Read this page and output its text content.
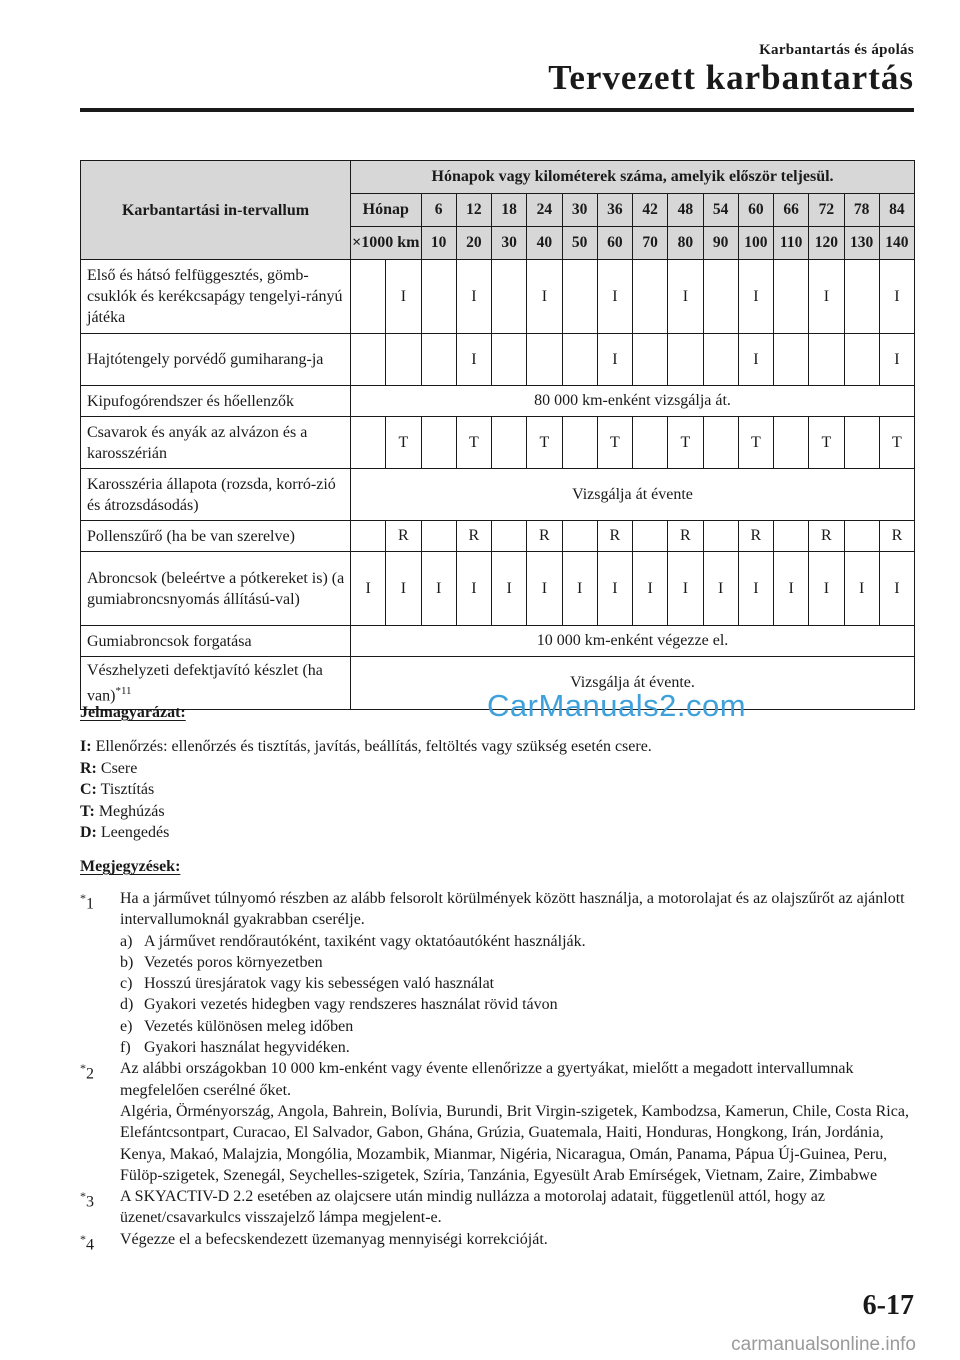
Karbantartás és ápolás
Tervezett karbantartás
Karbantartási in-tervallum	Hónapok vagy kilométerek száma, amelyik először teljesül.															
	Hónap		6	12	18	24	30	36	42	48	54	60	66	72	78	84
	×1000 km		10	20	30	40	50	60	70	80	90	100	110	120	130	140
Első és hátsó felfüggesztés, gömb-csuklók és kerékcsapágy tengelyi-rányú játéka		I		I		I		I		I		I		I		I
Hajtótengely porvédő gumiharang-ja				I				I				I				I
Kipufogórendszer és hőellenzők	80 000 km-enként vizsgálja át.															
Csavarok és anyák az alvázon és a karosszérián		T		T		T		T		T		T		T		T
Karosszéria állapota (rozsda, korró-zió és átrozsdásodás)	Vizsgálja át évente															
Pollenszűrő (ha be van szerelve)		R		R		R		R		R		R		R		R
Abroncsok (beleértve a pótkereket is) (a gumiabroncsnyomás állítású-val)	I	I	I	I	I	I	I	I	I	I	I	I	I	I	I	I
Gumiabroncsok forgatása	10 000 km-enként végezze el.															
Vészhelyzeti defektjavító készlet (ha van)$^{*11}$	Vizsgálja át évente.															
CarManuals2.com
Jelmagyarázat:
I: Ellenőrzés: ellenőrzés és tisztítás, javítás, beállítás, feltöltés vagy szükség esetén csere.
R: Csere
C: Tisztítás
T: Meghúzás
D: Leengedés
Megjegyzések:
*1	Ha a járművet túlnyomó részben az alább felsorolt körülmények között használja, a motorolajat és az olajszűrőt az ajánlott intervallumoknál gyakrabban cserélje.
a) A járművet rendőrautóként, taxiként vagy oktatóautóként használják.
b) Vezetés poros környezetben
c) Hosszú üresjáratok vagy kis sebességen való használat
d) Gyakori vezetés hidegben vagy rendszeres használat rövid távon
e) Vezetés különösen meleg időben
f) Gyakori használat hegyvidéken.
*2	Az alábbi országokban 10 000 km-enként vagy évente ellenőrizze a gyertyákat, mielőtt a megadott intervallumnak megfelelően cserélné őket.
Algéria, Örményország, Angola, Bahrein, Bolívia, Burundi, Brit Virgin-szigetek, Kambodzsa, Kamerun, Chile, Costa Rica, Elefántcsontpart, Curacao, El Salvador, Gabon, Ghána, Grúzia, Guatemala, Haiti, Honduras, Hongkong, Irán, Jordánia, Kenya, Makaó, Malajzia, Mongólia, Mozambik, Mianmar, Nigéria, Nicaragua, Omán, Panama, Pápua Új-Guinea, Peru, Fülöp-szigetek, Szenegál, Seychelles-szigetek, Szíria, Tanzánia, Egyesült Arab Emírségek, Vietnam, Zaire, Zimbabwe
*3	A SKYACTIV-D 2.2 esetében az olajcsere után mindig nullázza a motorolaj adatait, függetlenül attól, hogy az üzenet/csavarkulcs visszajelző lámpa megjelent-e.
*4	Végezze el a befecskendezett üzemanyag mennyiségi korrekcióját.
6-17
carmanualsonline.info
